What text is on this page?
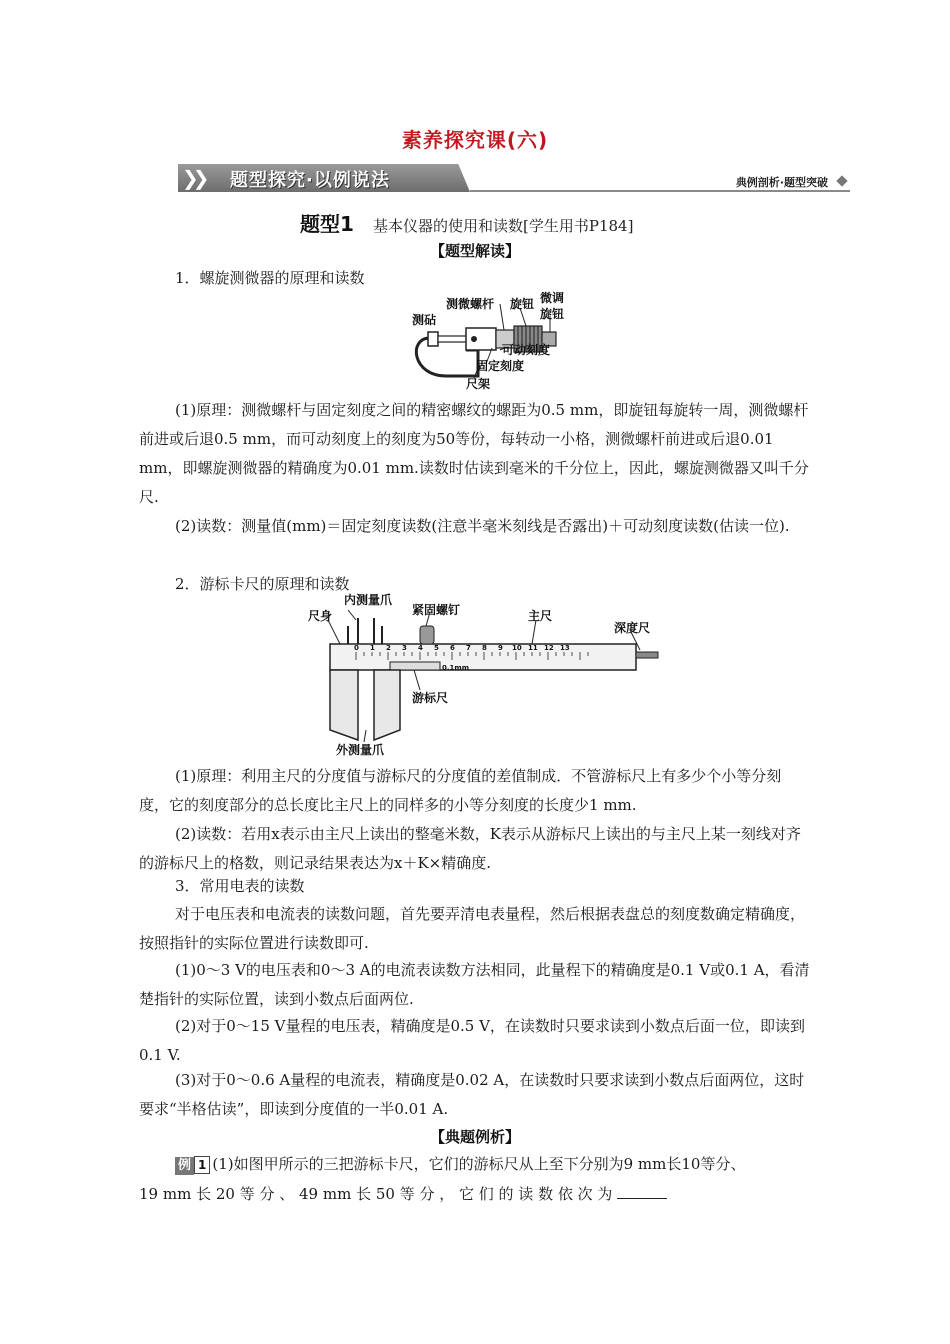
素养探究课(六)
❯❯ 题型探究·以例说法	典例剖析·题型突破
题型1 基本仪器的使用和读数[学生用书P184]
【题型解读】
1．螺旋测微器的原理和读数
测砧
测微螺杆 旋钮 微调
旋钮
可动刻度
固定刻度
尺架
(1)原理：测微螺杆与固定刻度之间的精密螺纹的螺距为0.5 mm，即旋钮每旋转一周，测微螺杆前进或后退0.5 mm，而可动刻度上的刻度为50等份，每转动一小格，测微螺杆前进或后退0.01 mm，即螺旋测微器的精确度为0.01 mm.读数时估读到毫米的千分位上，因此，螺旋测微器又叫千分尺.
(2)读数：测量值(mm)＝固定刻度读数(注意半毫米刻线是否露出)＋可动刻度读数(估读一位).
2．游标卡尺的原理和读数
内测量爪
尺身	紧固螺钉	主尺
深度尺
游标尺
外测量爪
0.1mm
0 1 2 3 4 5 6 7 8 9 10 11 12 13
(1)原理：利用主尺的分度值与游标尺的分度值的差值制成．不管游标尺上有多少个小等分刻度，它的刻度部分的总长度比主尺上的同样多的小等分刻度的长度少1 mm.
(2)读数：若用x表示由主尺上读出的整毫米数，K表示从游标尺上读出的与主尺上某一刻线对齐的游标尺上的格数，则记录结果表达为x＋K×精确度.
3．常用电表的读数
对于电压表和电流表的读数问题，首先要弄清电表量程，然后根据表盘总的刻度数确定精确度，按照指针的实际位置进行读数即可.
(1)0～3 V的电压表和0～3 A的电流表读数方法相同，此量程下的精确度是0.1 V或0.1 A，看清楚指针的实际位置，读到小数点后面两位.
(2)对于0～15 V量程的电压表，精确度是0.5 V，在读数时只要求读到小数点后面一位，即读到0.1 V.
(3)对于0～0.6 A量程的电流表，精确度是0.02 A，在读数时只要求读到小数点后面两位，这时要求“半格估读”，即读到分度值的一半0.01 A.
【典题例析】
例 1 (1)如图甲所示的三把游标卡尺，它们的游标尺从上至下分别为9 mm长10等分、
19 mm 长 20 等 分 、 49 mm 长 50 等 分 ， 它 们 的 读 数 依 次 为
